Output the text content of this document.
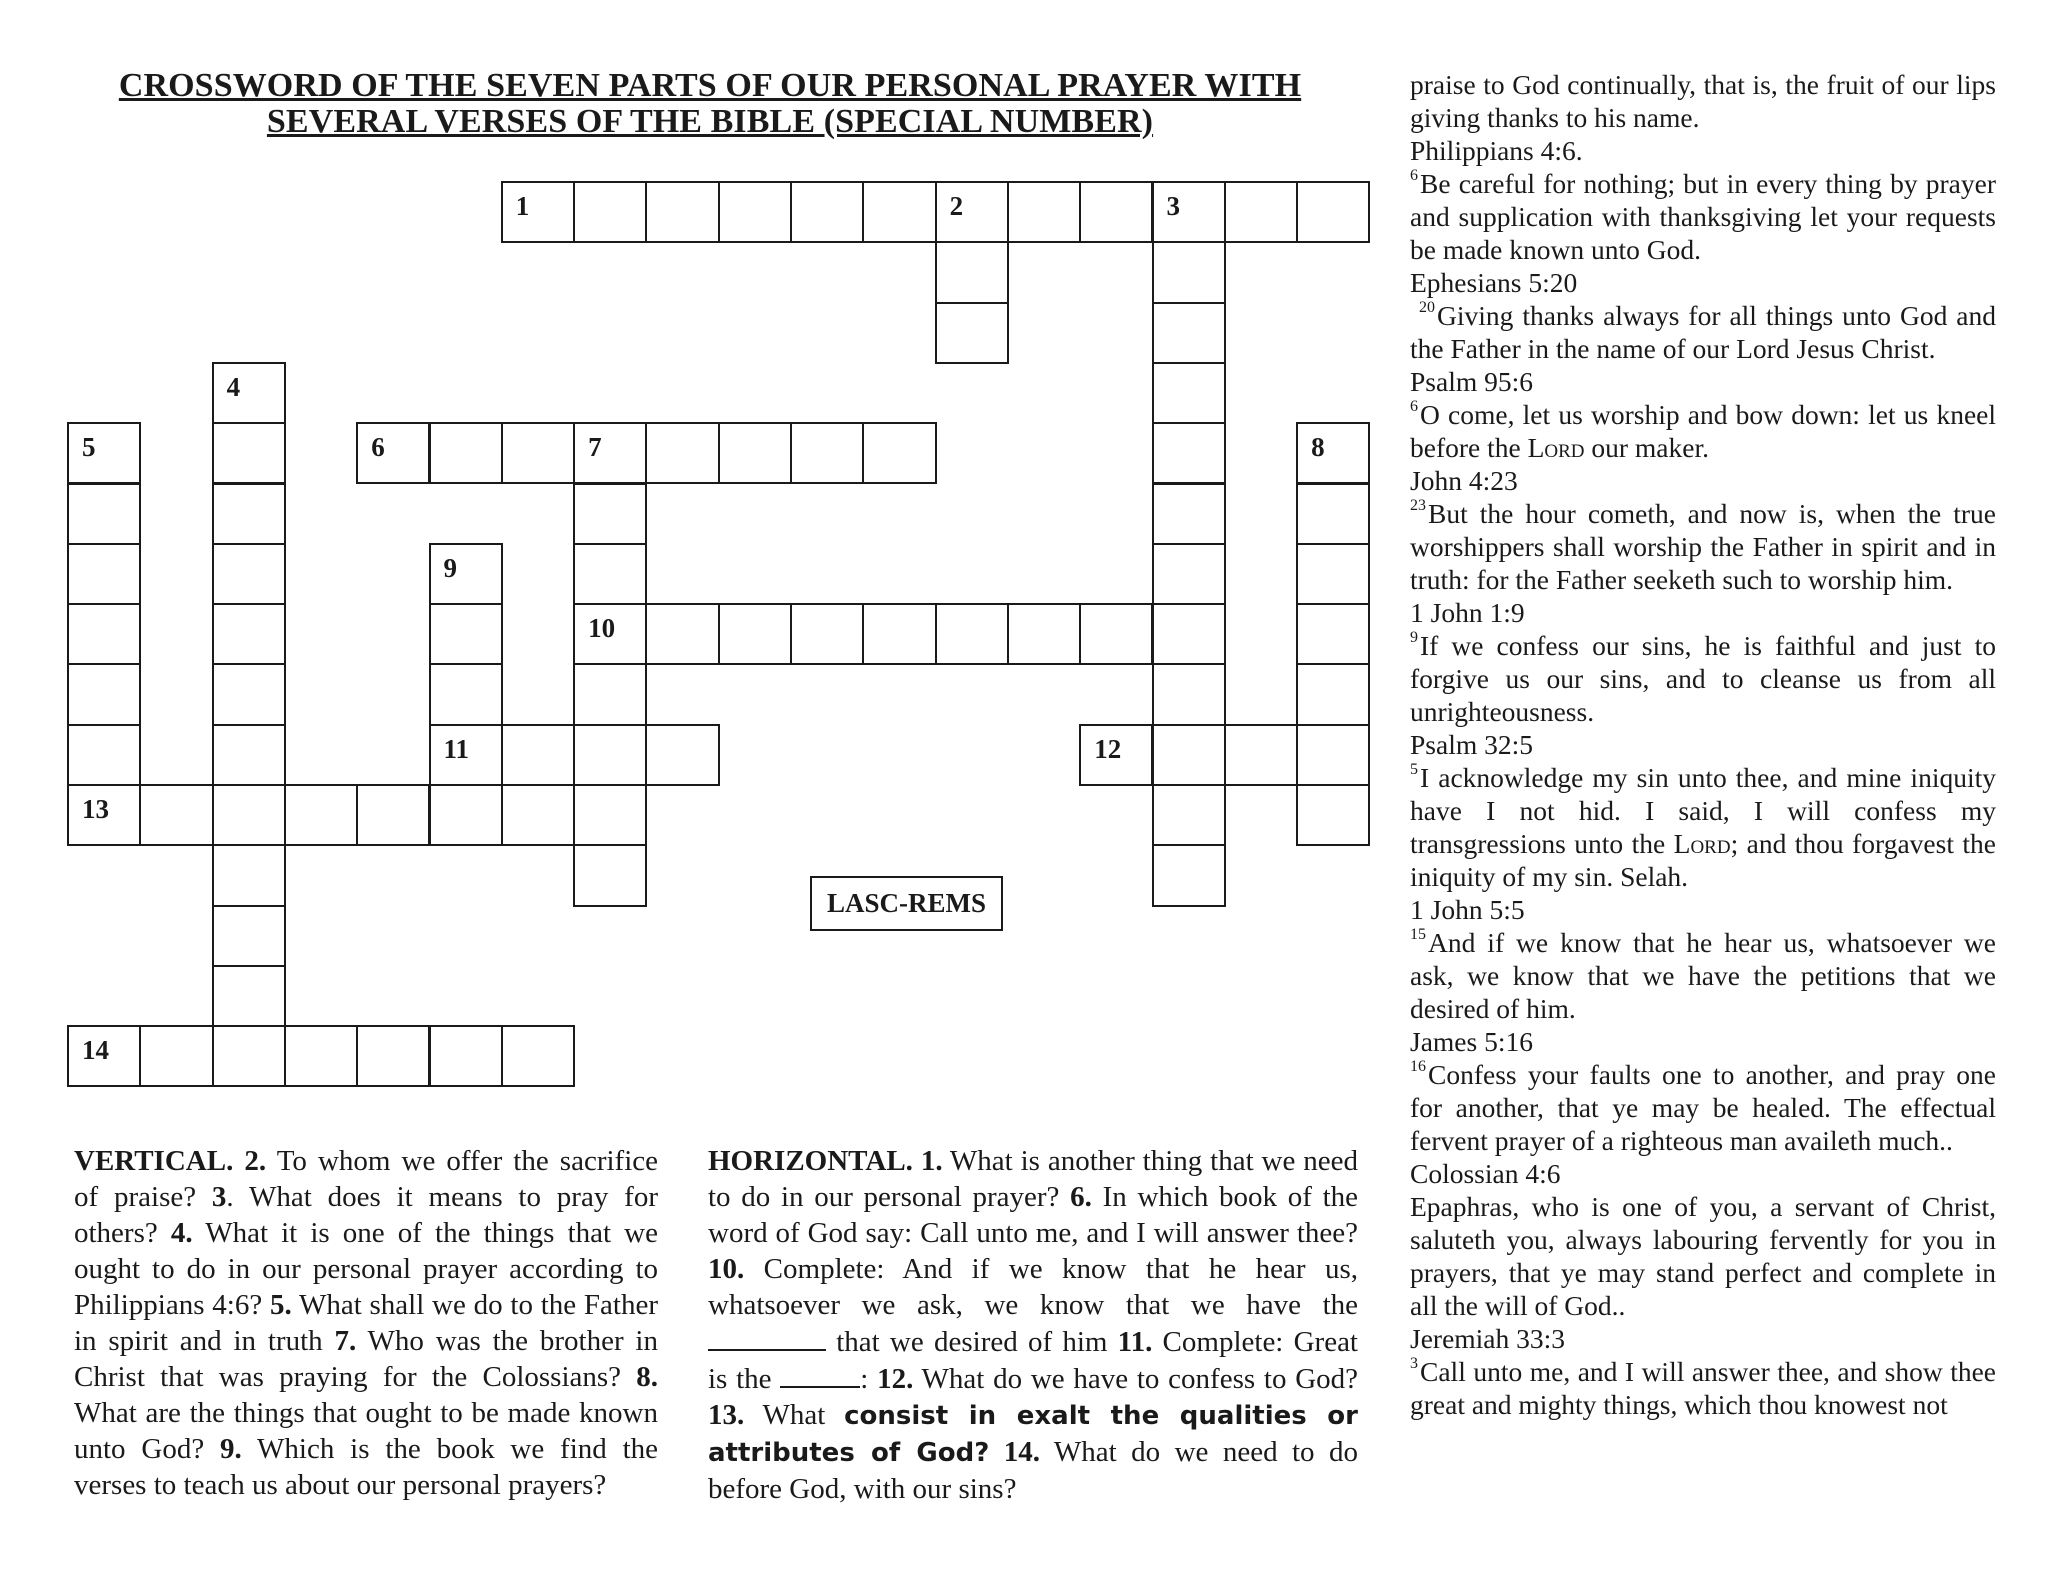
CROSSWORD OF THE SEVEN PARTS OF OUR PERSONAL PRAYER WITH
SEVERAL VERSES OF THE BIBLE (SPECIAL NUMBER)
1	2	3
4
5
13
6	7
10
8
9
11	12
14
LASC-REMS
VERTICAL. 2. To whom we offer the sacrifice of praise? 3. What does it means to pray for others? 4. What it is one of the things that we ought to do in our personal prayer according to Philippians 4:6? 5. What shall we do to the Father in spirit and in truth 7. Who was the brother in Christ that was praying for the Colossians? 8. What are the things that ought to be made known unto God? 9. Which is the book we find the verses to teach us about our personal prayers?
HORIZONTAL. 1. What is another thing that we need to do in our personal prayer? 6. In which book of the word of God say: Call unto me, and I will answer thee? 10. Complete: And if we know that he hear us, whatsoever we ask, we know that we have the  that we desired of him 11. Complete: Great is the	: 12. What do we have to confess to God? 13. What consist in exalt the qualities or attributes of God? 14. What do we need to do before God, with our sins?
praise to God continually, that is, the fruit of our lips giving thanks to his name.
Philippians 4:6.
$^6$Be careful for nothing; but in every thing by prayer and supplication with thanksgiving let your requests be made known unto God.
Ephesians 5:20
$^{20}$Giving thanks always for all things unto God and the Father in the name of our Lord Jesus Christ.
Psalm 95:6
$^6$O come, let us worship and bow down: let us kneel before the Lord our maker.
John 4:23
$^{23}$But the hour cometh, and now is, when the true worshippers shall worship the Father in spirit and in truth: for the Father seeketh such to worship him.
1 John 1:9
$^9$If we confess our sins, he is faithful and just to forgive us our sins, and to cleanse us from all unrighteousness.
Psalm 32:5
$^5$I acknowledge my sin unto thee, and mine iniquity have I not hid. I said, I will confess my transgressions unto the Lord; and thou forgavest the iniquity of my sin. Selah.
1 John 5:5
$^{15}$And if we know that he hear us, whatsoever we ask, we know that we have the petitions that we desired of him.
James 5:16
$^{16}$Confess your faults one to another, and pray one for another, that ye may be healed. The effectual fervent prayer of a righteous man availeth much..
Colossian 4:6
Epaphras, who is one of you, a servant of Christ, saluteth you, always labouring fervently for you in prayers, that ye may stand perfect and complete in all the will of God..
Jeremiah 33:3
$^3$Call unto me, and I will answer thee, and show thee great and mighty things, which thou knowest not
